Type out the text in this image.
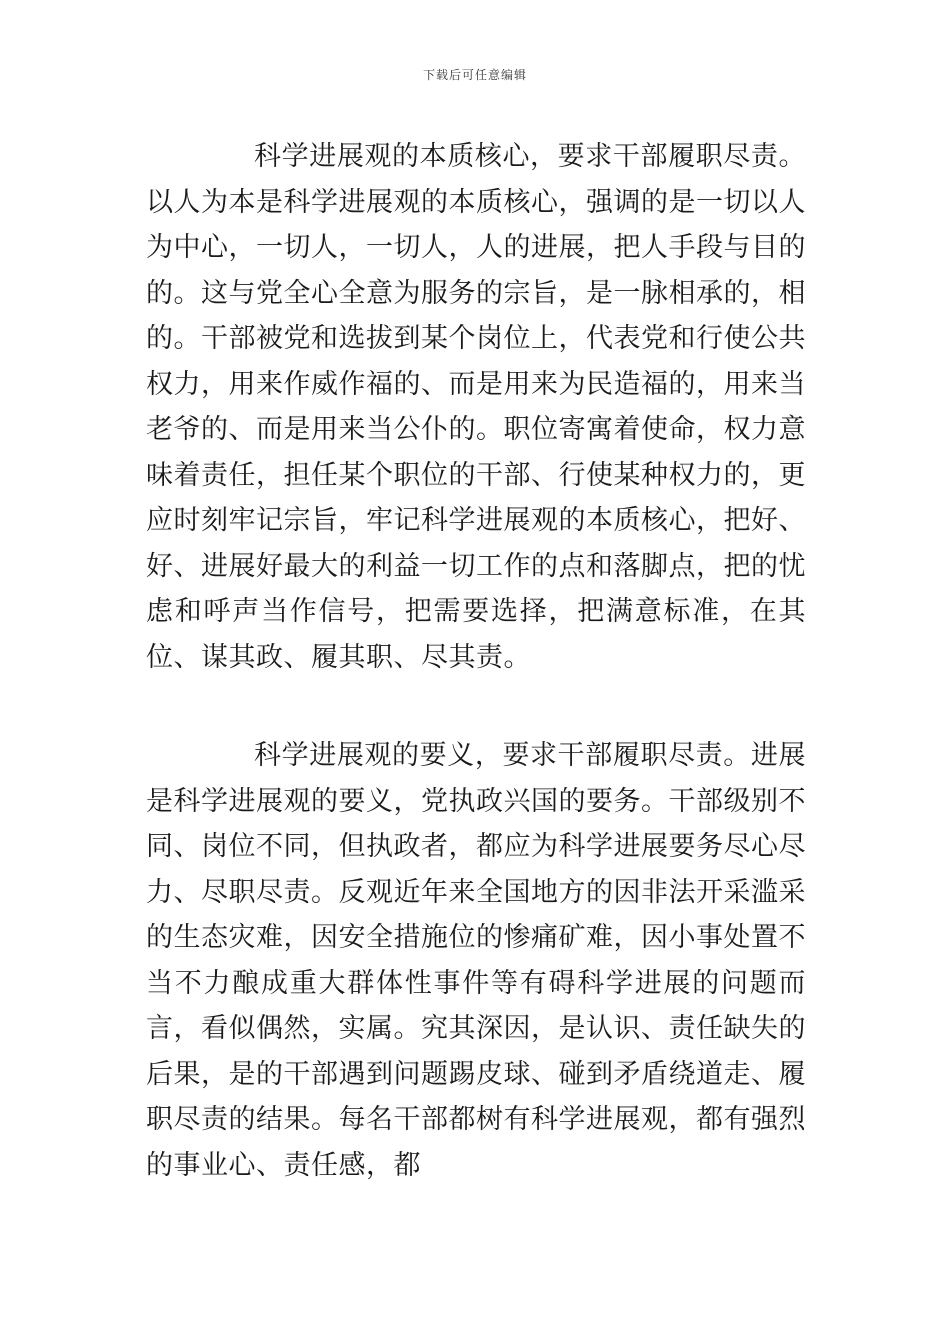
下载后可任意编辑

科学进展观的本质核心，要求干部履职尽责。以人为本是科学进展观的本质核心，强调的是一切以人为中心，一切人，一切人，人的进展，把人手段与目的的。这与党全心全意为服务的宗旨，是一脉相承的，相的。干部被党和选拔到某个岗位上，代表党和行使公共权力，用来作威作福的、而是用来为民造福的，用来当老爷的、而是用来当公仆的。职位寄寓着使命，权力意味着责任，担任某个职位的干部、行使某种权力的，更应时刻牢记宗旨，牢记科学进展观的本质核心，把好、好、进展好最大的利益一切工作的点和落脚点，把的忧虑和呼声当作信号，把需要选择，把满意标准，在其位、谋其政、履其职、尽其责。

科学进展观的要义，要求干部履职尽责。进展是科学进展观的要义，党执政兴国的要务。干部级别不同、岗位不同，但执政者，都应为科学进展要务尽心尽力、尽职尽责。反观近年来全国地方的因非法开采滥采的生态灾难，因安全措施位的惨痛矿难，因小事处置不当不力酿成重大群体性事件等有碍科学进展的问题而言，看似偶然，实属。究其深因，是认识、责任缺失的后果，是的干部遇到问题踢皮球、碰到矛盾绕道走、履职尽责的结果。每名干部都树有科学进展观，都有强烈的事业心、责任感，都
